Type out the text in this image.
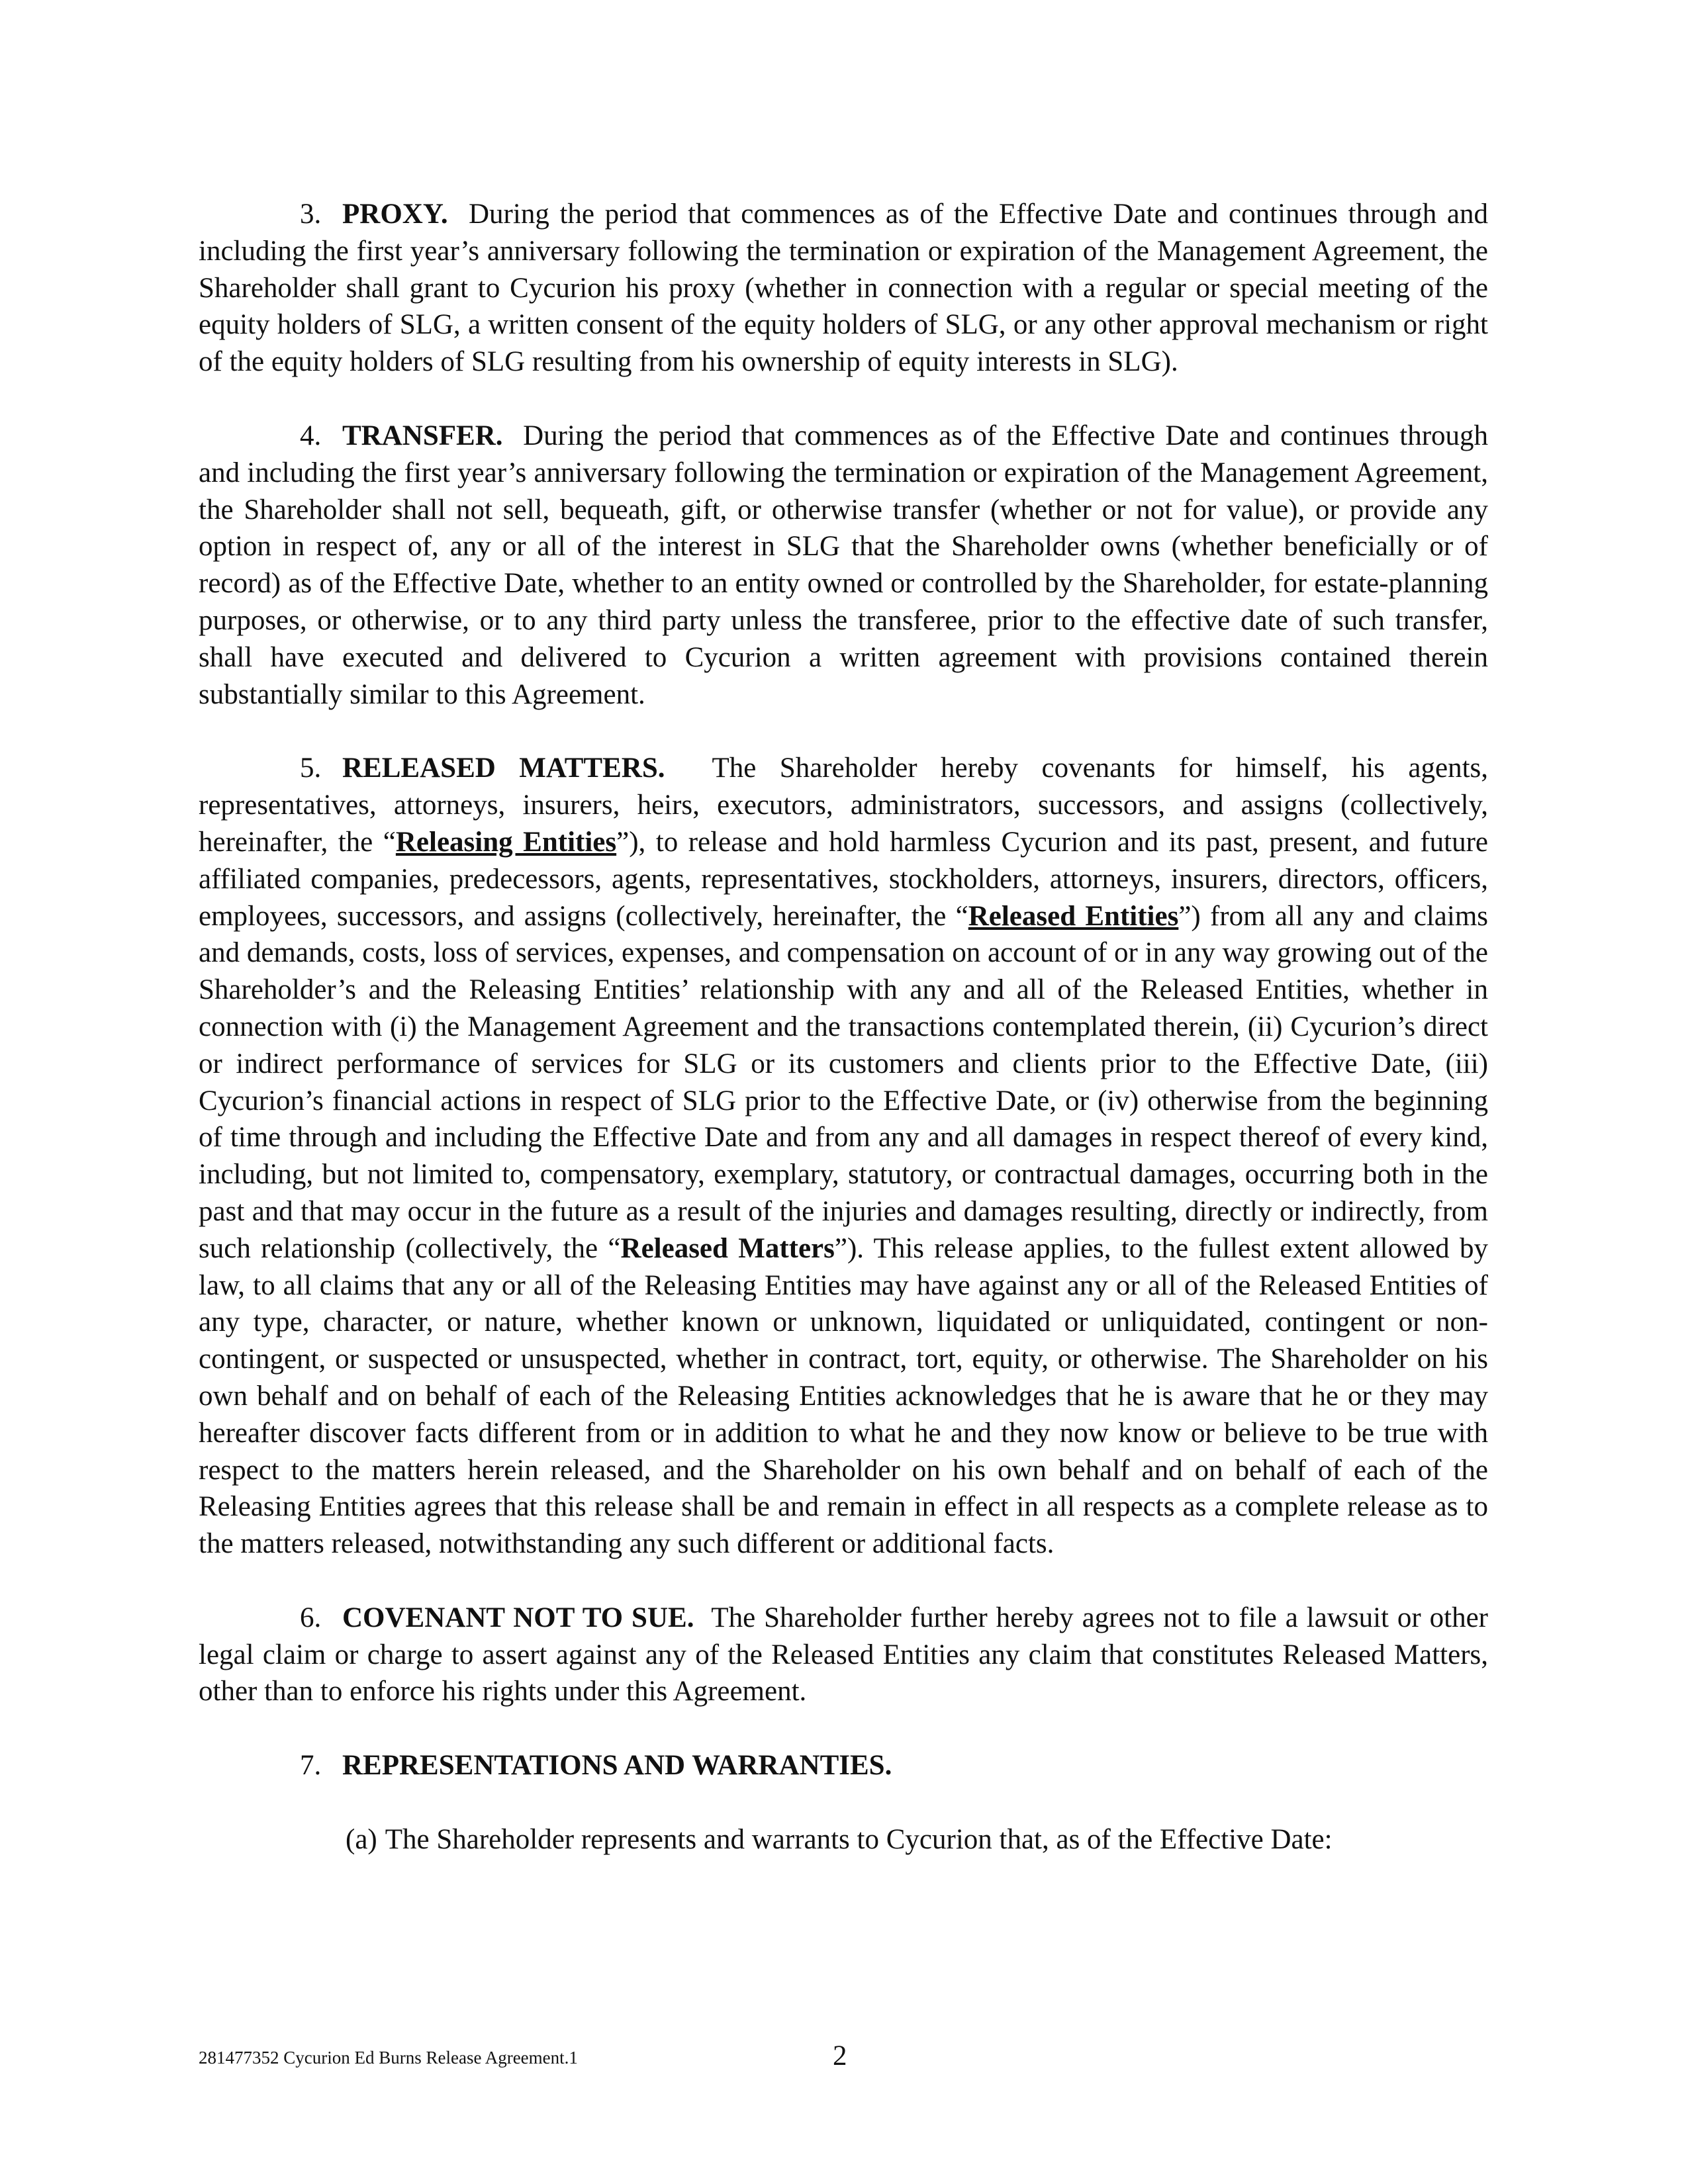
3. PROXY. During the period that commences as of the Effective Date and continues through and including the first year’s anniversary following the termination or expiration of the Management Agreement, the Shareholder shall grant to Cycurion his proxy (whether in connection with a regular or special meeting of the equity holders of SLG, a written consent of the equity holders of SLG, or any other approval mechanism or right of the equity holders of SLG resulting from his ownership of equity interests in SLG).

4. TRANSFER. During the period that commences as of the Effective Date and continues through and including the first year’s anniversary following the termination or expiration of the Management Agreement, the Shareholder shall not sell, bequeath, gift, or otherwise transfer (whether or not for value), or provide any option in respect of, any or all of the interest in SLG that the Shareholder owns (whether beneficially or of record) as of the Effective Date, whether to an entity owned or controlled by the Shareholder, for estate-planning purposes, or otherwise, or to any third party unless the transferee, prior to the effective date of such transfer, shall have executed and delivered to Cycurion a written agreement with provisions contained therein substantially similar to this Agreement.

5. RELEASED MATTERS. The Shareholder hereby covenants for himself, his agents, representatives, attorneys, insurers, heirs, executors, administrators, successors, and assigns (collectively, hereinafter, the “Releasing Entities”), to release and hold harmless Cycurion and its past, present, and future affiliated companies, predecessors, agents, representatives, stockholders, attorneys, insurers, directors, officers, employees, successors, and assigns (collectively, hereinafter, the “Released Entities”) from all any and claims and demands, costs, loss of services, expenses, and compensation on account of or in any way growing out of the Shareholder’s and the Releasing Entities’ relationship with any and all of the Released Entities, whether in connection with (i) the Management Agreement and the transactions contemplated therein, (ii) Cycurion’s direct or indirect performance of services for SLG or its customers and clients prior to the Effective Date, (iii) Cycurion’s financial actions in respect of SLG prior to the Effective Date, or (iv) otherwise from the beginning of time through and including the Effective Date and from any and all damages in respect thereof of every kind, including, but not limited to, compensatory, exemplary, statutory, or contractual damages, occurring both in the past and that may occur in the future as a result of the injuries and damages resulting, directly or indirectly, from such relationship (collectively, the “Released Matters”). This release applies, to the fullest extent allowed by law, to all claims that any or all of the Releasing Entities may have against any or all of the Released Entities of any type, character, or nature, whether known or unknown, liquidated or unliquidated, contingent or non-contingent, or suspected or unsuspected, whether in contract, tort, equity, or otherwise. The Shareholder on his own behalf and on behalf of each of the Releasing Entities acknowledges that he is aware that he or they may hereafter discover facts different from or in addition to what he and they now know or believe to be true with respect to the matters herein released, and the Shareholder on his own behalf and on behalf of each of the Releasing Entities agrees that this release shall be and remain in effect in all respects as a complete release as to the matters released, notwithstanding any such different or additional facts.

6. COVENANT NOT TO SUE. The Shareholder further hereby agrees not to file a lawsuit or other legal claim or charge to assert against any of the Released Entities any claim that constitutes Released Matters, other than to enforce his rights under this Agreement.

7. REPRESENTATIONS AND WARRANTIES.

(a) The Shareholder represents and warrants to Cycurion that, as of the Effective Date:

281477352 Cycurion Ed Burns Release Agreement.1	2
